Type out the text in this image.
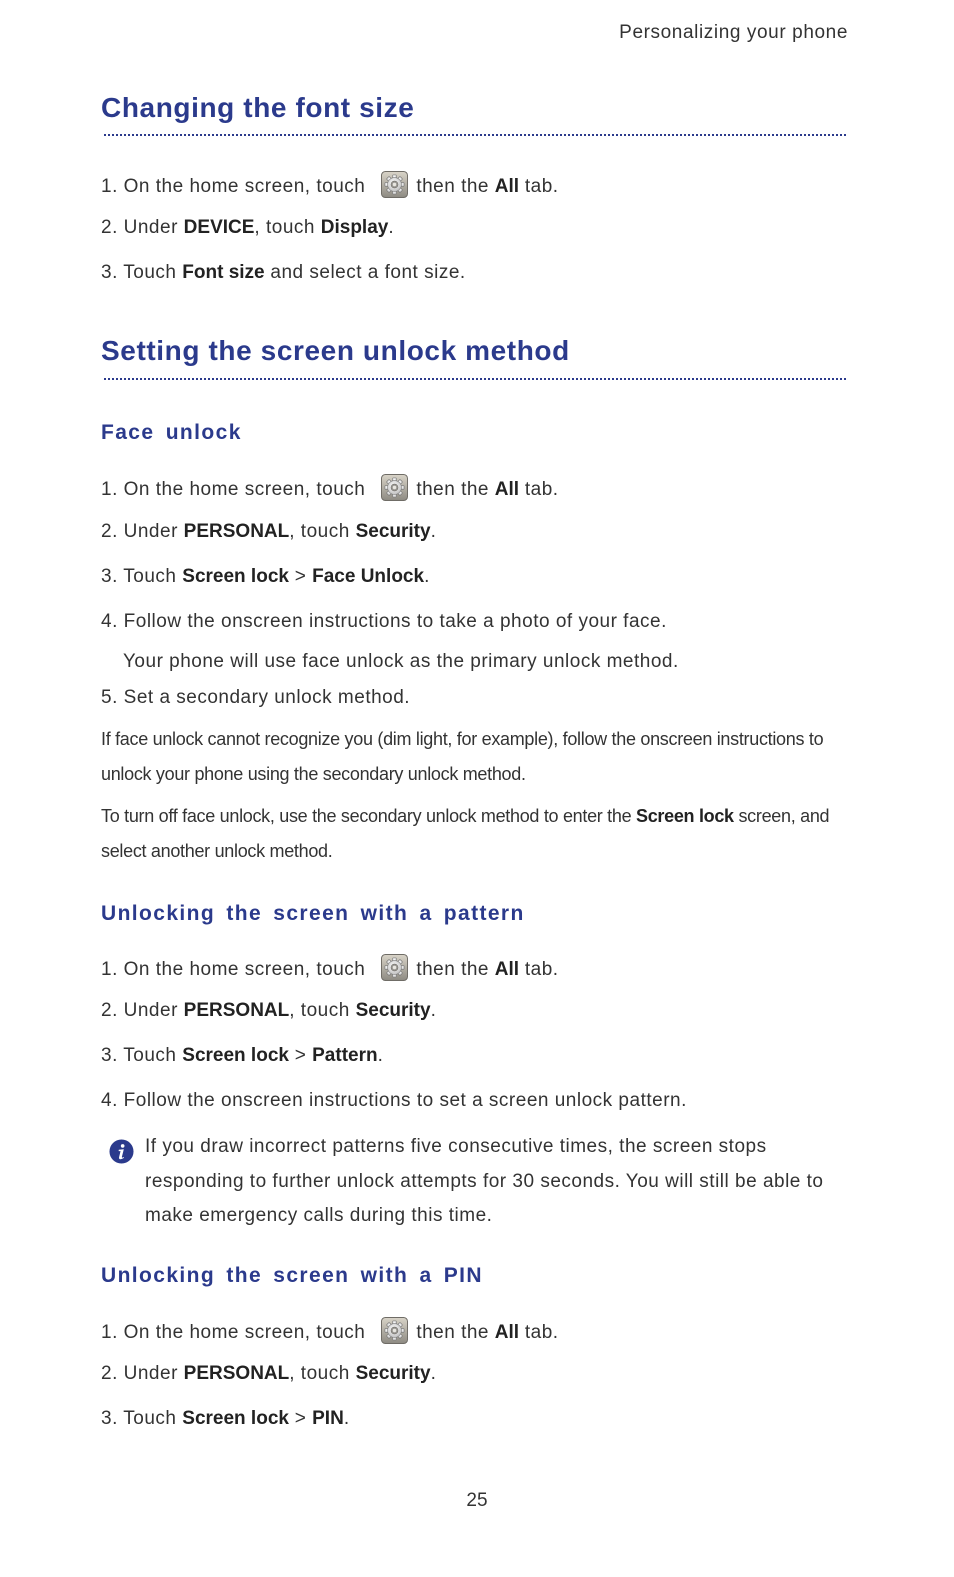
Personalizing your phone
Changing the font size
1. On the home screen, touch	then the All tab.
2. Under DEVICE, touch Display.
3. Touch Font size and select a font size.
Setting the screen unlock method
Face unlock
1. On the home screen, touch	then the All tab.
2. Under PERSONAL, touch Security.
3. Touch Screen lock > Face Unlock.
4. Follow the onscreen instructions to take a photo of your face.
Your phone will use face unlock as the primary unlock method.
5. Set a secondary unlock method.
If face unlock cannot recognize you (dim light, for example), follow the onscreen instructions to unlock your phone using the secondary unlock method.
To turn off face unlock, use the secondary unlock method to enter the Screen lock screen, and select another unlock method.
Unlocking the screen with a pattern
1. On the home screen, touch	then the All tab.
2. Under PERSONAL, touch Security.
3. Touch Screen lock > Pattern.
4. Follow the onscreen instructions to set a screen unlock pattern.
If you draw incorrect patterns five consecutive times, the screen stops responding to further unlock attempts for 30 seconds. You will still be able to make emergency calls during this time.
Unlocking the screen with a PIN
1. On the home screen, touch	then the All tab.
2. Under PERSONAL, touch Security.
3. Touch Screen lock > PIN.
25
